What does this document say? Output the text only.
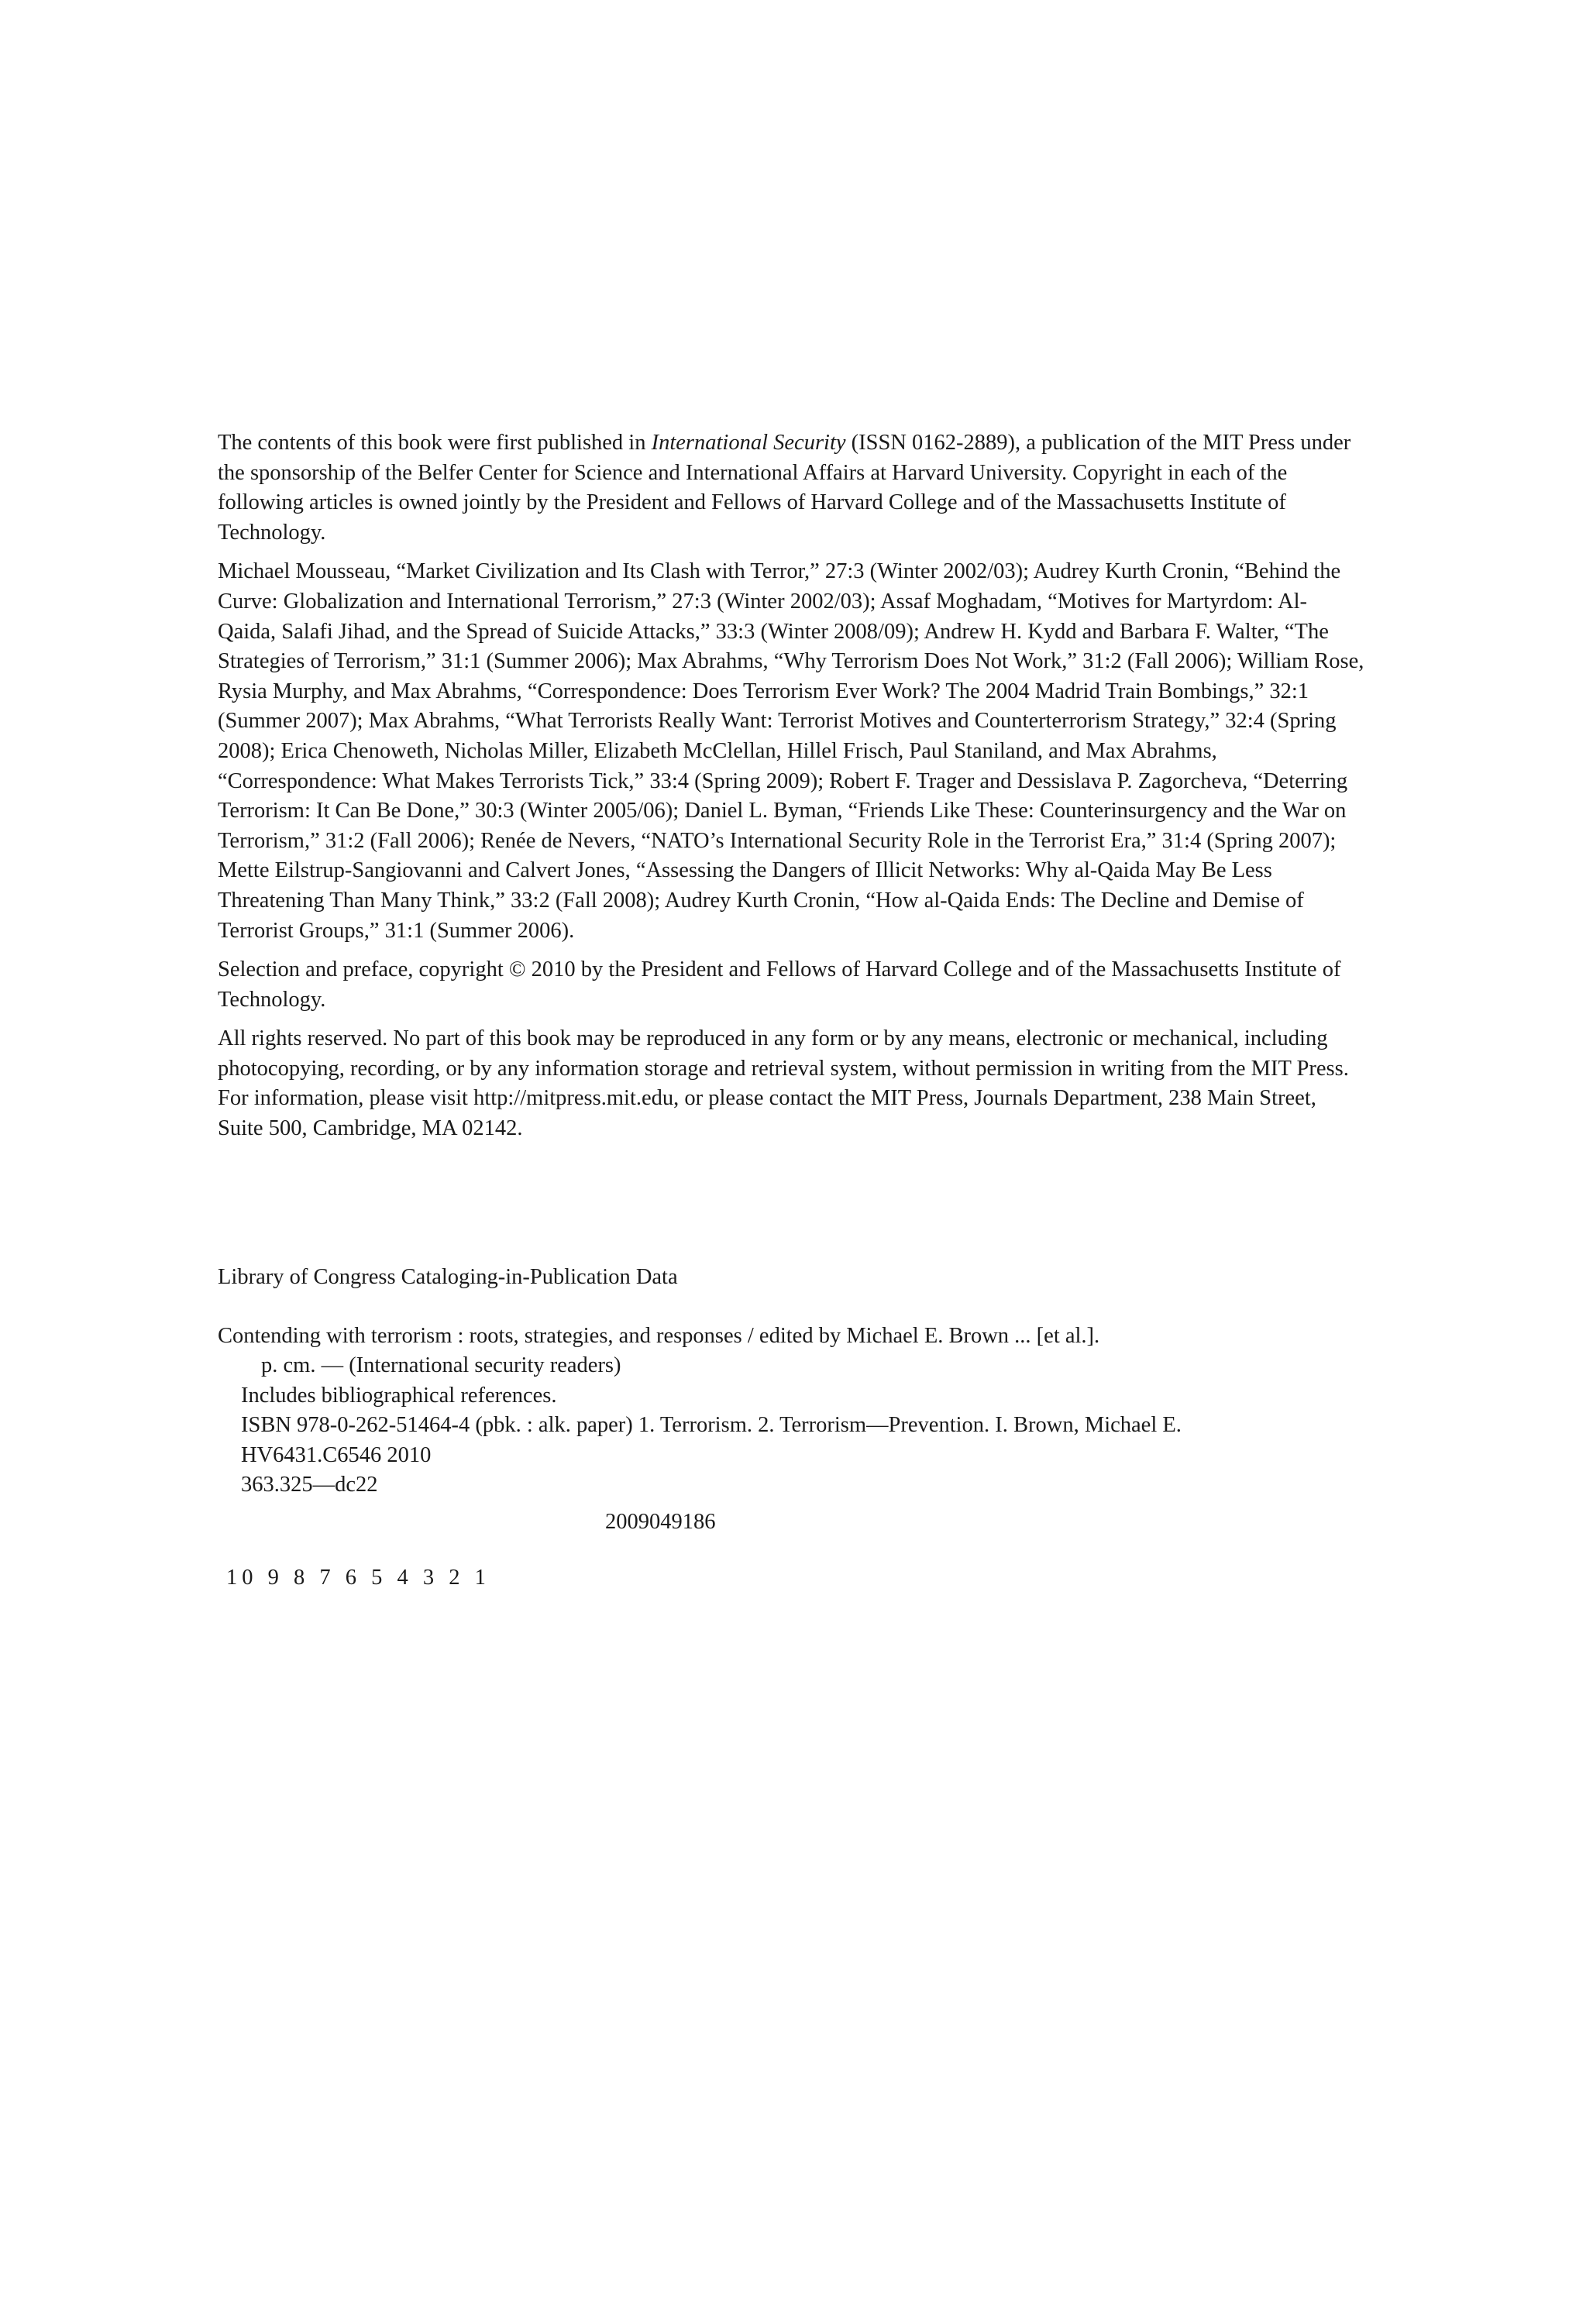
The contents of this book were first published in International Security (ISSN 0162-2889), a publication of the MIT Press under the sponsorship of the Belfer Center for Science and International Affairs at Harvard University. Copyright in each of the following articles is owned jointly by the President and Fellows of Harvard College and of the Massachusetts Institute of Technology.

Michael Mousseau, “Market Civilization and Its Clash with Terror,” 27:3 (Winter 2002/03); Audrey Kurth Cronin, “Behind the Curve: Globalization and International Terrorism,” 27:3 (Winter 2002/03); Assaf Moghadam, “Motives for Martyrdom: Al-Qaida, Salafi Jihad, and the Spread of Suicide Attacks,” 33:3 (Winter 2008/09); Andrew H. Kydd and Barbara F. Walter, “The Strategies of Terrorism,” 31:1 (Summer 2006); Max Abrahms, “Why Terrorism Does Not Work,” 31:2 (Fall 2006); William Rose, Rysia Murphy, and Max Abrahms, “Correspondence: Does Terrorism Ever Work? The 2004 Madrid Train Bombings,” 32:1 (Summer 2007); Max Abrahms, “What Terrorists Really Want: Terrorist Motives and Counterterrorism Strategy,” 32:4 (Spring 2008); Erica Chenoweth, Nicholas Miller, Elizabeth McClellan, Hillel Frisch, Paul Staniland, and Max Abrahms, “Correspondence: What Makes Terrorists Tick,” 33:4 (Spring 2009); Robert F. Trager and Dessislava P. Zagorcheva, “Deterring Terrorism: It Can Be Done,” 30:3 (Winter 2005/06); Daniel L. Byman, “Friends Like These: Counterinsurgency and the War on Terrorism,” 31:2 (Fall 2006); Renée de Nevers, “NATO’s International Security Role in the Terrorist Era,” 31:4 (Spring 2007); Mette Eilstrup-Sangiovanni and Calvert Jones, “Assessing the Dangers of Illicit Networks: Why al-Qaida May Be Less Threatening Than Many Think,” 33:2 (Fall 2008); Audrey Kurth Cronin, “How al-Qaida Ends: The Decline and Demise of Terrorist Groups,” 31:1 (Summer 2006).

Selection and preface, copyright © 2010 by the President and Fellows of Harvard College and of the Massachusetts Institute of Technology.

All rights reserved. No part of this book may be reproduced in any form or by any means, electronic or mechanical, including photocopying, recording, or by any information storage and retrieval system, without permission in writing from the MIT Press. For information, please visit http://mitpress.mit.edu, or please contact the MIT Press, Journals Department, 238 Main Street, Suite 500, Cambridge, MA 02142.

Library of Congress Cataloging-in-Publication Data

Contending with terrorism : roots, strategies, and responses / edited by Michael E. Brown ... [et al.].
p. cm. — (International security readers)
Includes bibliographical references.
ISBN 978-0-262-51464-4 (pbk. : alk. paper) 1. Terrorism. 2. Terrorism—Prevention. I. Brown, Michael E.
HV6431.C6546 2010
363.325—dc22
2009049186
10 9 8 7 6 5 4 3 2 1
